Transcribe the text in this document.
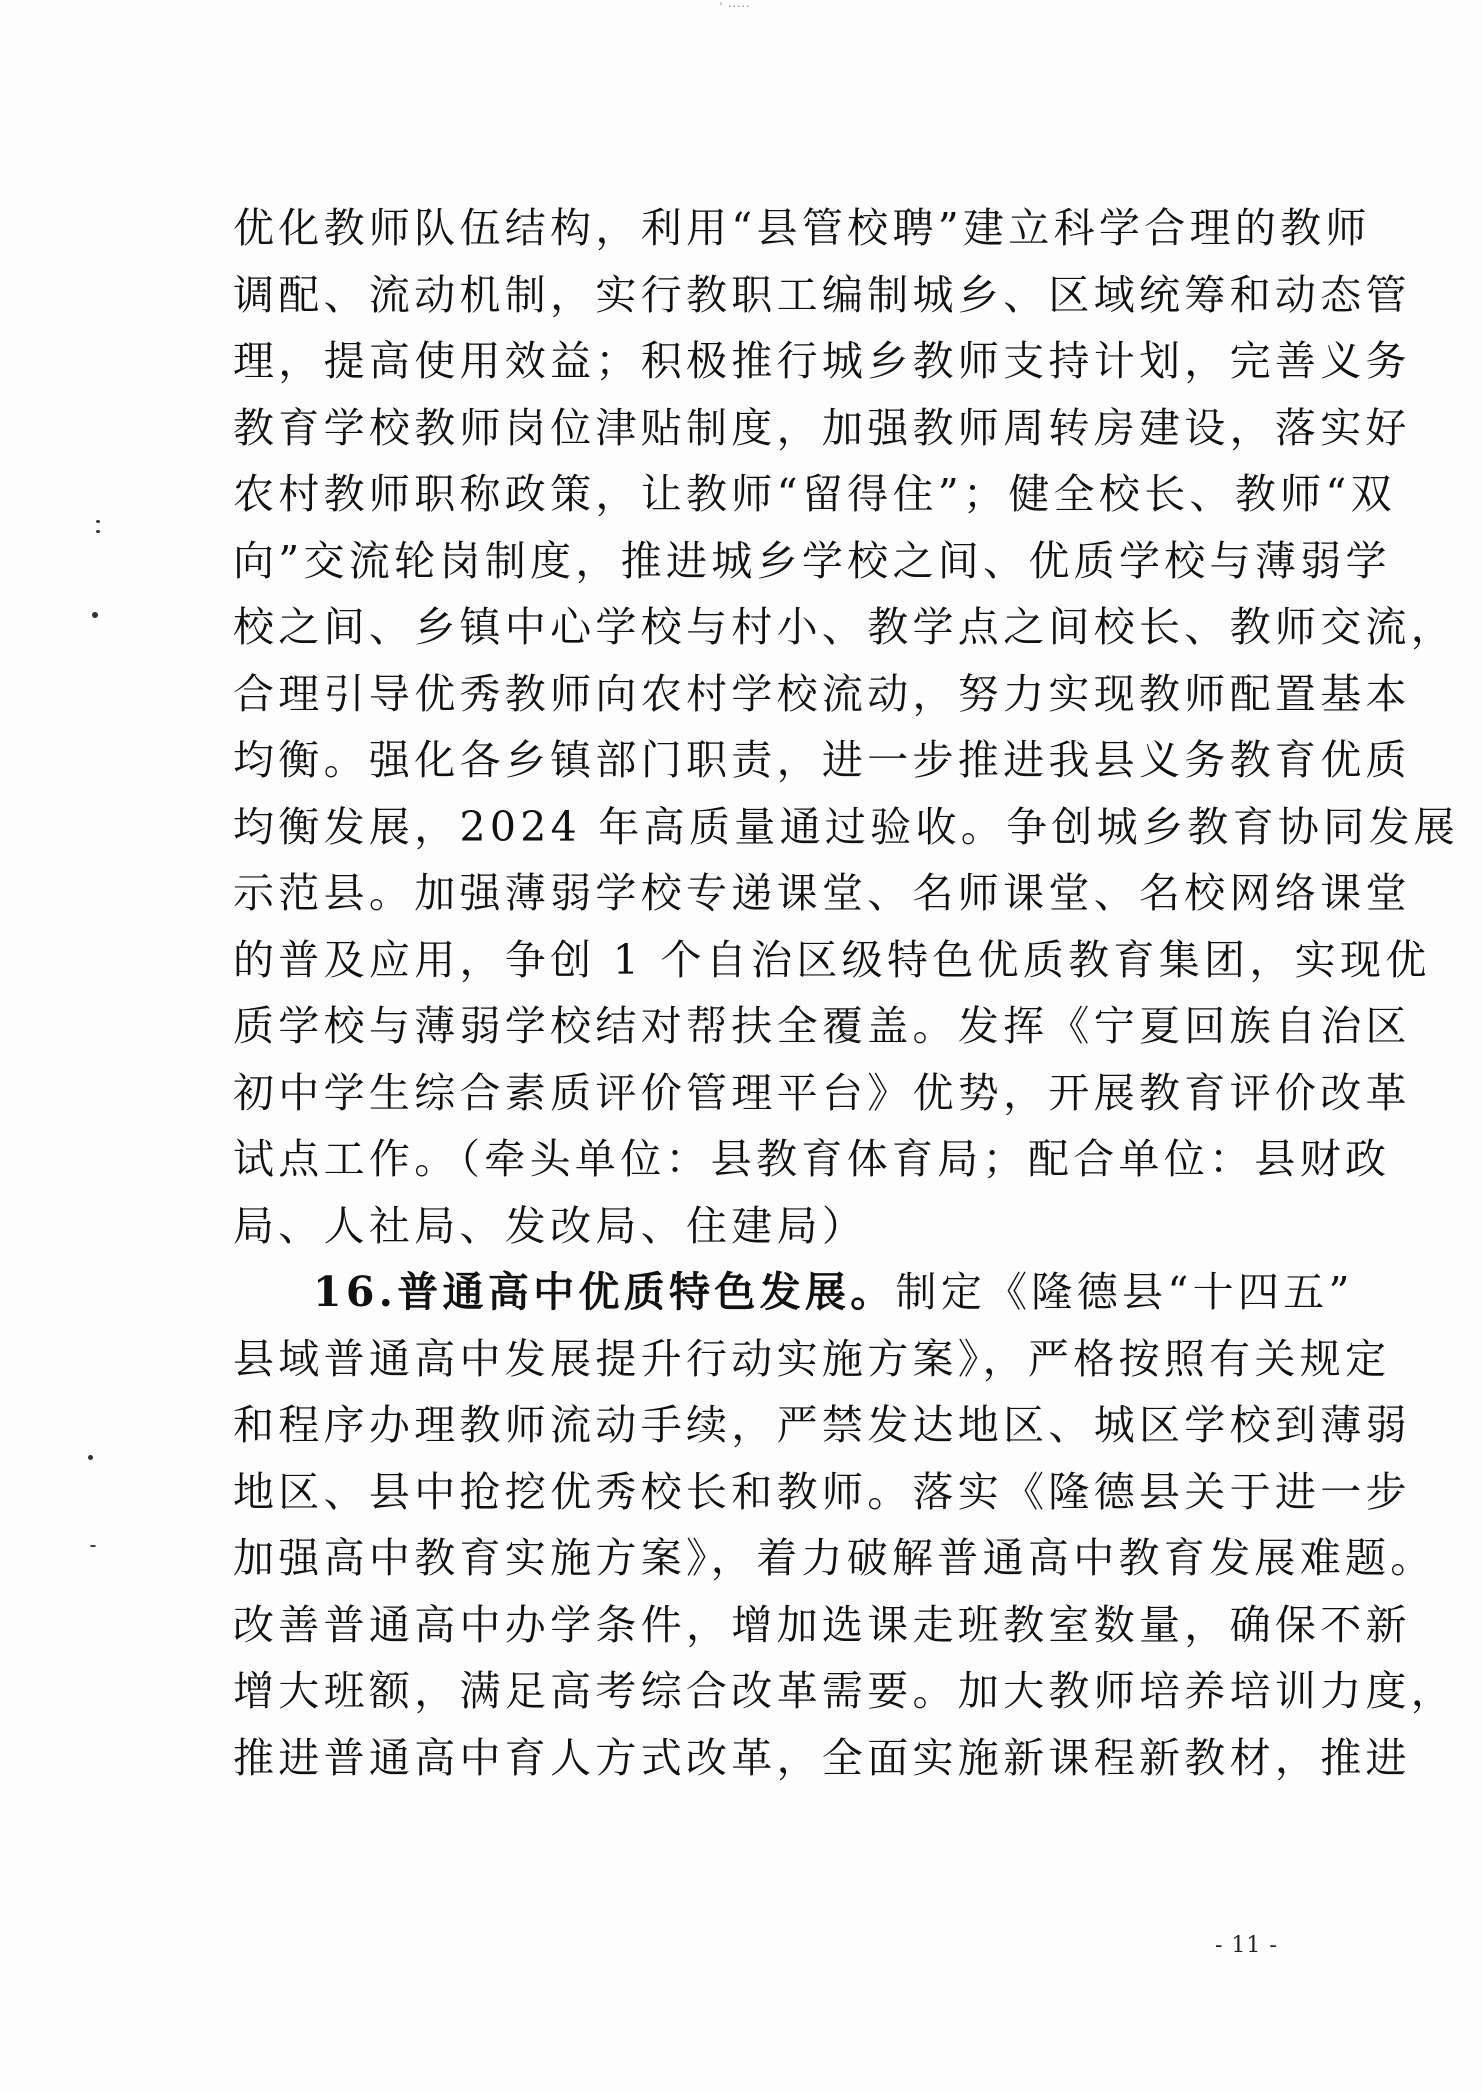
ˈ ·····
优化教师队伍结构，利用“县管校聘”建立科学合理的教师
调配、流动机制，实行教职工编制城乡、区域统筹和动态管
理，提高使用效益；积极推行城乡教师支持计划，完善义务
教育学校教师岗位津贴制度，加强教师周转房建设，落实好
农村教师职称政策，让教师“留得住”；健全校长、教师“双
向”交流轮岗制度，推进城乡学校之间、优质学校与薄弱学
校之间、乡镇中心学校与村小、教学点之间校长、教师交流，
合理引导优秀教师向农村学校流动，努力实现教师配置基本
均衡。强化各乡镇部门职责，进一步推进我县义务教育优质
均衡发展，2024 年高质量通过验收。争创城乡教育协同发展
示范县。加强薄弱学校专递课堂、名师课堂、名校网络课堂
的普及应用，争创 1 个自治区级特色优质教育集团，实现优
质学校与薄弱学校结对帮扶全覆盖。发挥《宁夏回族自治区
初中学生综合素质评价管理平台》优势，开展教育评价改革
试点工作。（牵头单位：县教育体育局；配合单位：县财政
局、人社局、发改局、住建局）
16.普通高中优质特色发展。制定《隆德县“十四五”
县域普通高中发展提升行动实施方案》，严格按照有关规定
和程序办理教师流动手续，严禁发达地区、城区学校到薄弱
地区、县中抢挖优秀校长和教师。落实《隆德县关于进一步
加强高中教育实施方案》，着力破解普通高中教育发展难题。
改善普通高中办学条件，增加选课走班教室数量，确保不新
增大班额，满足高考综合改革需要。加大教师培养培训力度，
推进普通高中育人方式改革，全面实施新课程新教材，推进
- 11 -
